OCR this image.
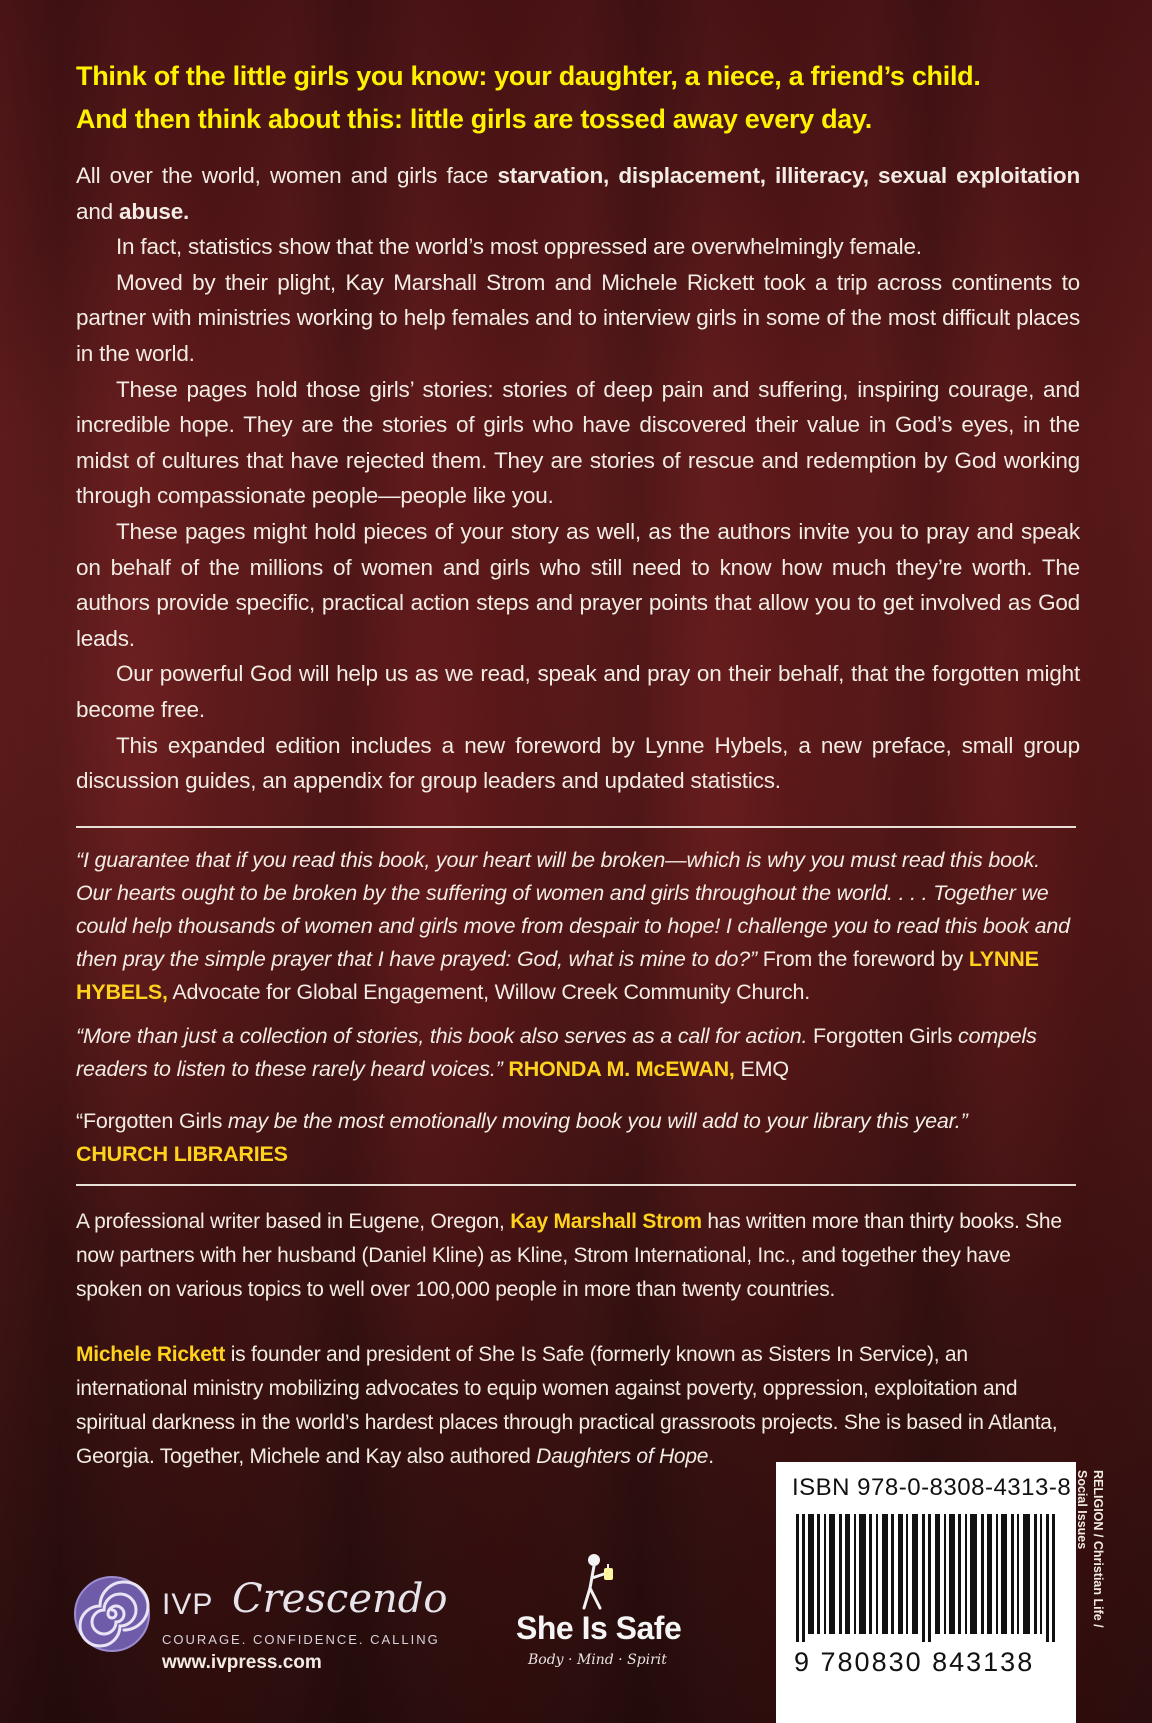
Think of the little girls you know: your daughter, a niece, a friend’s child.
And then think about this: little girls are tossed away every day.

All over the world, women and girls face starvation, displacement, illiteracy, sexual exploitation and abuse.

In fact, statistics show that the world’s most oppressed are overwhelmingly female.

Moved by their plight, Kay Marshall Strom and Michele Rickett took a trip across continents to partner with ministries working to help females and to interview girls in some of the most difficult places in the world.

These pages hold those girls’ stories: stories of deep pain and suffering, inspiring courage, and incredible hope. They are the stories of girls who have discovered their value in God’s eyes, in the midst of cultures that have rejected them. They are stories of rescue and redemption by God working through compassionate people—people like you.

These pages might hold pieces of your story as well, as the authors invite you to pray and speak on behalf of the millions of women and girls who still need to know how much they’re worth. The authors provide specific, practical action steps and prayer points that allow you to get involved as God leads.

Our powerful God will help us as we read, speak and pray on their behalf, that the forgotten might become free.

This expanded edition includes a new foreword by Lynne Hybels, a new preface, small group discussion guides, an appendix for group leaders and updated statistics.

“I guarantee that if you read this book, your heart will be broken—which is why you must read this book. Our hearts ought to be broken by the suffering of women and girls throughout the world. . . . Together we could help thousands of women and girls move from despair to hope! I challenge you to read this book and then pray the simple prayer that I have prayed: God, what is mine to do?” From the foreword by LYNNE HYBELS, Advocate for Global Engagement, Willow Creek Community Church.

“More than just a collection of stories, this book also serves as a call for action. Forgotten Girls compels readers to listen to these rarely heard voices.” RHONDA M. McEWAN, EMQ

“Forgotten Girls may be the most emotionally moving book you will add to your library this year.”

CHURCH LIBRARIES

A professional writer based in Eugene, Oregon, Kay Marshall Strom has written more than thirty books. She now partners with her husband (Daniel Kline) as Kline, Strom International, Inc., and together they have spoken on various topics to well over 100,000 people in more than twenty countries.

Michele Rickett is founder and president of She Is Safe (formerly known as Sisters In Service), an international ministry mobilizing advocates to equip women against poverty, oppression, exploitation and spiritual darkness in the world’s hardest places through practical grassroots projects. She is based in Atlanta, Georgia. Together, Michele and Kay also authored Daughters of Hope.

IVP Crescendo
COURAGE. CONFIDENCE. CALLING
www.ivpress.com
She Is Safe
Body · Mind · Spirit
ISBN 978-0-8308-4313-8
9 780830 843138
RELIGION / Christian Life /
Social Issues
